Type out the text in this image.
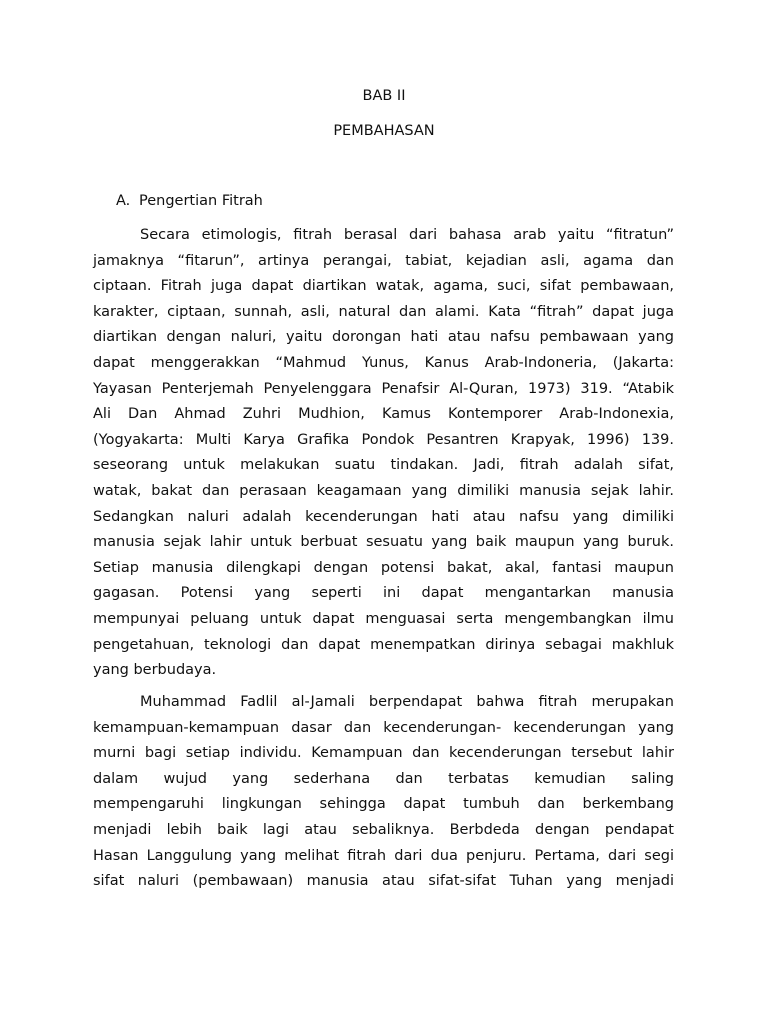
BAB II
PEMBAHASAN
A. Pengertian Fitrah
Secara etimologis, fitrah berasal dari bahasa arab yaitu “fitratun”
jamaknya “fitarun”, artinya perangai, tabiat, kejadian asli, agama dan
ciptaan. Fitrah juga dapat diartikan watak, agama, suci, sifat pembawaan,
karakter, ciptaan, sunnah, asli, natural dan alami. Kata “fitrah” dapat juga
diartikan dengan naluri, yaitu dorongan hati atau nafsu pembawaan yang
dapat menggerakkan “Mahmud Yunus, Kanus Arab-Indoneria, (Jakarta:
Yayasan Penterjemah Penyelenggara Penafsir Al-Quran, 1973) 319. “Atabik
Ali Dan Ahmad Zuhri Mudhion, Kamus Kontemporer Arab-Indonexia,
(Yogyakarta: Multi Karya Grafika Pondok Pesantren Krapyak, 1996) 139.
seseorang untuk melakukan suatu tindakan. Jadi, fitrah adalah sifat,
watak, bakat dan perasaan keagamaan yang dimiliki manusia sejak lahir.
Sedangkan naluri adalah kecenderungan hati atau nafsu yang dimiliki
manusia sejak lahir untuk berbuat sesuatu yang baik maupun yang buruk.
Setiap manusia dilengkapi dengan potensi bakat, akal, fantasi maupun
gagasan. Potensi yang seperti ini dapat mengantarkan manusia
mempunyai peluang untuk dapat menguasai serta mengembangkan ilmu
pengetahuan, teknologi dan dapat menempatkan dirinya sebagai makhluk
yang berbudaya.
Muhammad Fadlil al-Jamali berpendapat bahwa fitrah merupakan
kemampuan-kemampuan dasar dan kecenderungan- kecenderungan yang
murni bagi setiap individu. Kemampuan dan kecenderungan tersebut lahir
dalam wujud yang sederhana dan terbatas kemudian saling
mempengaruhi lingkungan sehingga dapat tumbuh dan berkembang
menjadi lebih baik lagi atau sebaliknya. Berbdeda dengan pendapat
Hasan Langgulung yang melihat fitrah dari dua penjuru. Pertama, dari segi
sifat naluri (pembawaan) manusia atau sifat-sifat Tuhan yang menjadi
